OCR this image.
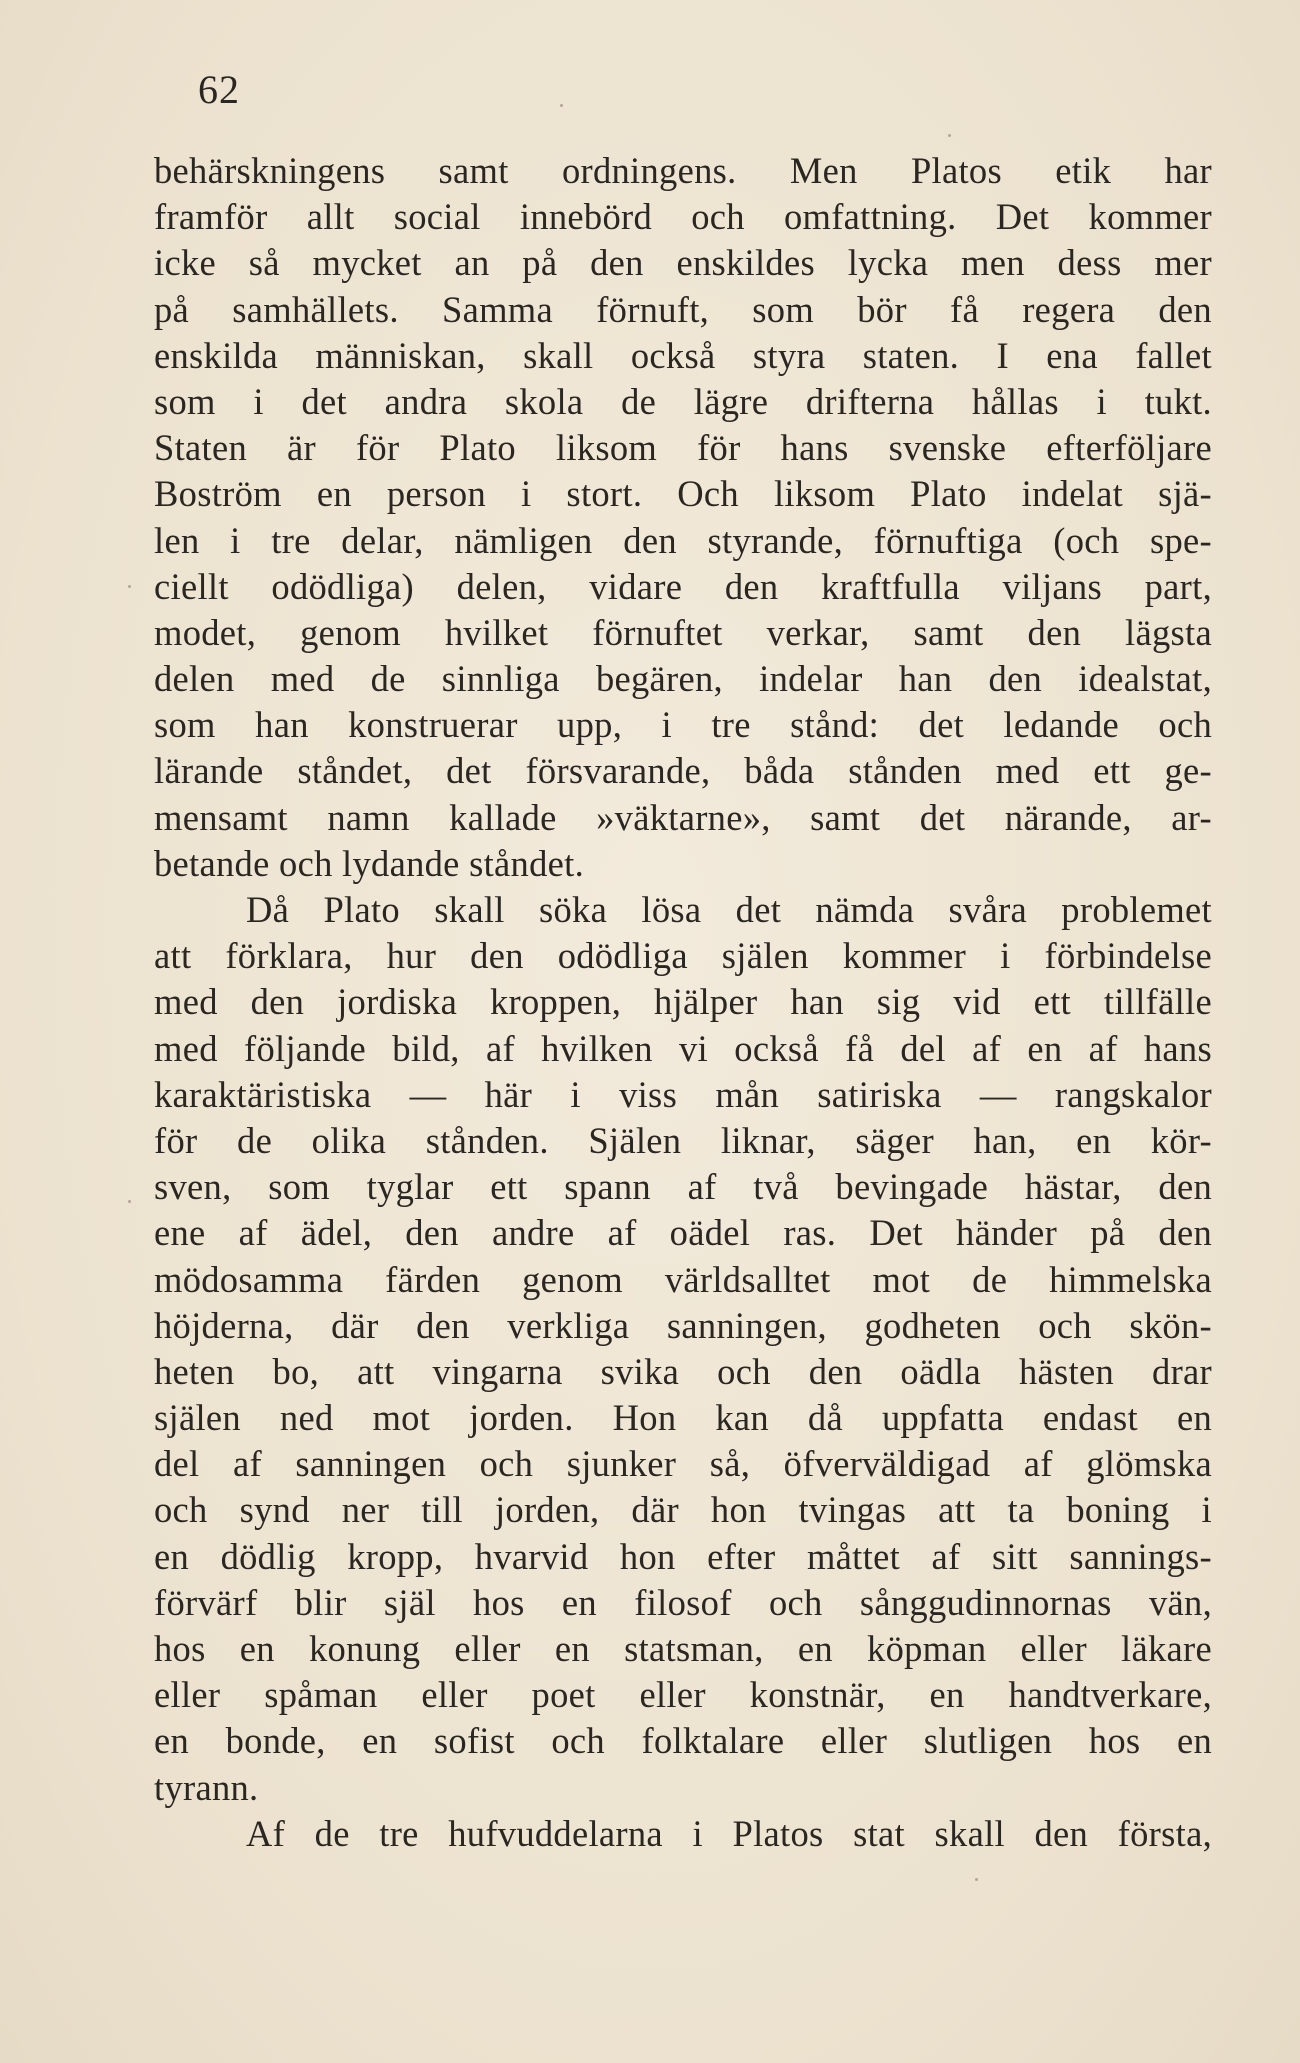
62
behärskningens samt ordningens. Men Platos etik har
framför allt social innebörd och omfattning. Det kommer
icke så mycket an på den enskildes lycka men dess mer
på samhällets. Samma förnuft, som bör få regera den
enskilda människan, skall också styra staten. I ena fallet
som i det andra skola de lägre drifterna hållas i tukt.
Staten är för Plato liksom för hans svenske efterföljare
Boström en person i stort. Och liksom Plato indelat sjä-
len i tre delar, nämligen den styrande, förnuftiga (och spe-
ciellt odödliga) delen, vidare den kraftfulla viljans part,
modet, genom hvilket förnuftet verkar, samt den lägsta
delen med de sinnliga begären, indelar han den idealstat,
som han konstruerar upp, i tre stånd: det ledande och
lärande ståndet, det försvarande, båda stånden med ett ge-
mensamt namn kallade »väktarne», samt det närande, ar-
betande och lydande ståndet.
Då Plato skall söka lösa det nämda svåra problemet
att förklara, hur den odödliga själen kommer i förbindelse
med den jordiska kroppen, hjälper han sig vid ett tillfälle
med följande bild, af hvilken vi också få del af en af hans
karaktäristiska — här i viss mån satiriska — rangskalor
för de olika stånden. Själen liknar, säger han, en kör-
sven, som tyglar ett spann af två bevingade hästar, den
ene af ädel, den andre af oädel ras. Det händer på den
mödosamma färden genom världsalltet mot de himmelska
höjderna, där den verkliga sanningen, godheten och skön-
heten bo, att vingarna svika och den oädla hästen drar
själen ned mot jorden. Hon kan då uppfatta endast en
del af sanningen och sjunker så, öfverväldigad af glömska
och synd ner till jorden, där hon tvingas att ta boning i
en dödlig kropp, hvarvid hon efter måttet af sitt sannings-
förvärf blir själ hos en filosof och sånggudinnornas vän,
hos en konung eller en statsman, en köpman eller läkare
eller spåman eller poet eller konstnär, en handtverkare,
en bonde, en sofist och folktalare eller slutligen hos en
tyrann.
Af de tre hufvuddelarna i Platos stat skall den första,
